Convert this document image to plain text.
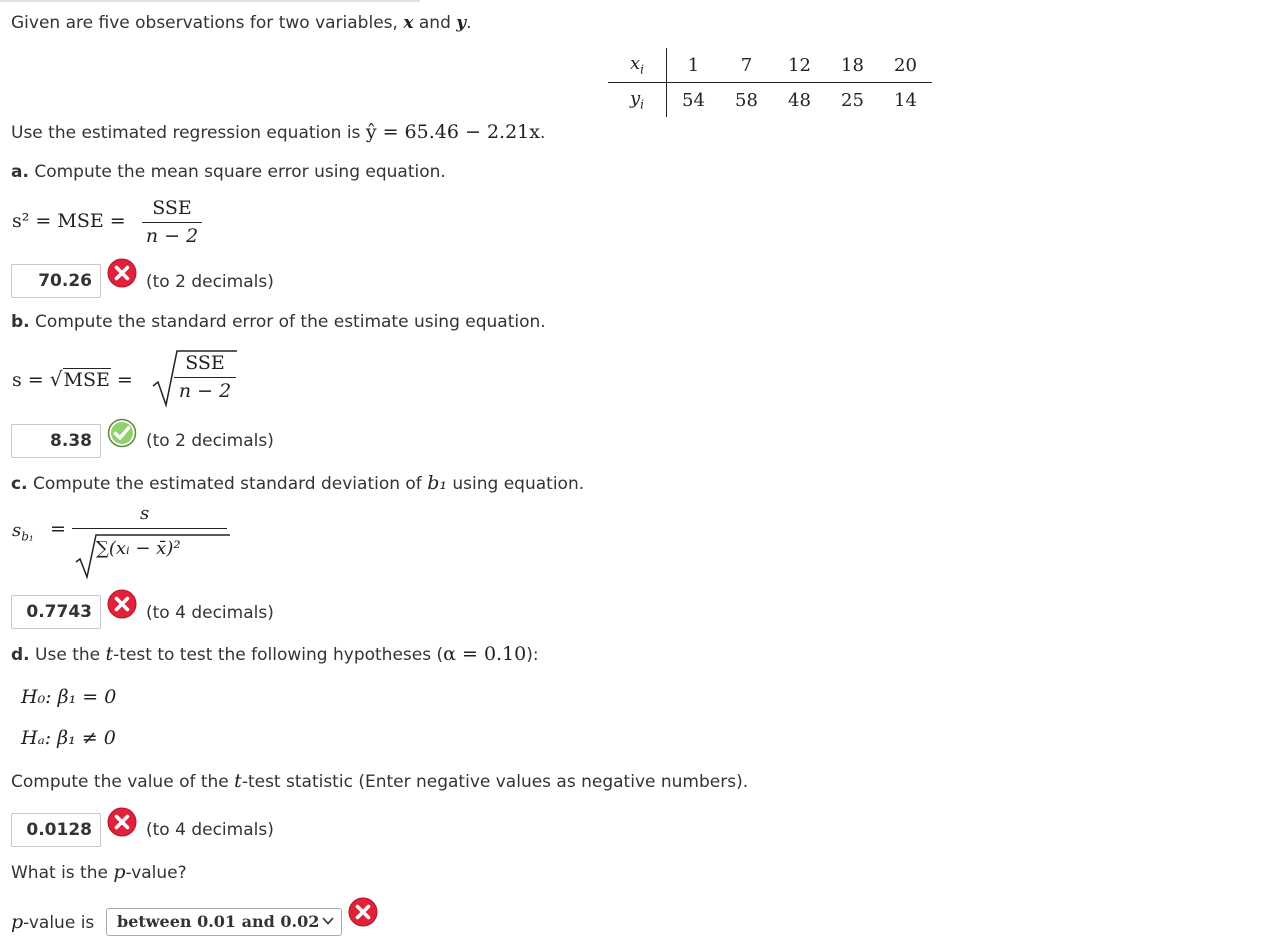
Given are five observations for two variables, x and y.
$x_i$	1	7	12	18	20
$y_i$	54	58	48	25	14
Use the estimated regression equation is ŷ = 65.46 − 2.21x.
a. Compute the mean square error using equation.
s² = MSE =
SSE
n − 2
70.26	(to 2 decimals)
b. Compute the standard error of the estimate using equation.
s = √MSE =
SSE
n − 2
8.38	(to 2 decimals)
c. Compute the estimated standard deviation of b₁ using equation.
$s_{b_1}$ =
s
∑(xᵢ − x̄)²
0.7743	(to 4 decimals)
d. Use the t-test to test the following hypotheses (α = 0.10):
H₀: β₁ = 0
Hₐ: β₁ ≠ 0
Compute the value of the t-test statistic (Enter negative values as negative numbers).
0.0128	(to 4 decimals)
What is the p-value?
p-value is	between 0.01 and 0.02
